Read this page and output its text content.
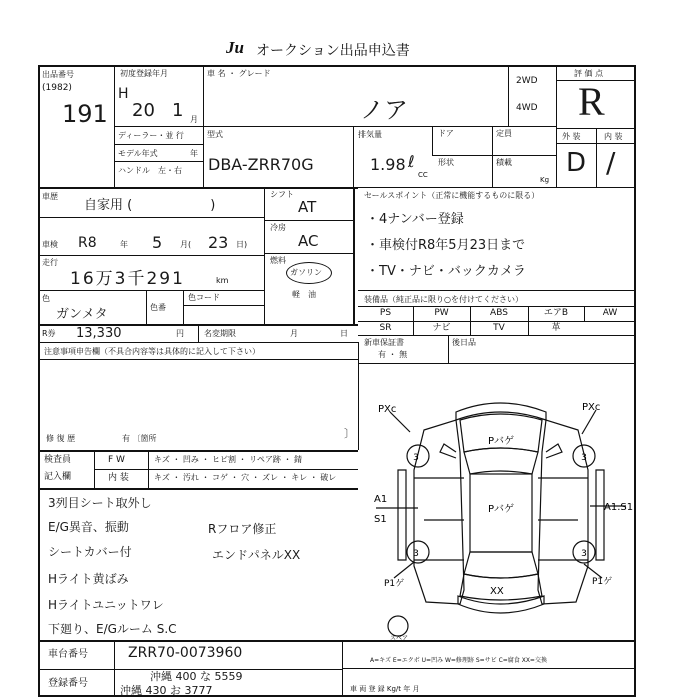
Ju オークション出品申込書
出品番号
(1982)
191
初度登録年月
H
20 1 月
ディーラー・並 行
モデル年式	年
ハンドル　左・右
車 名 ・ グレード
ノア
2WD
4WD
型式
DBA-ZRR70G
排気量
1.98 ℓ
CC
ドア	定員
形状	積載
Kg
評 価 点
R
外 装	内 装
D /
車歴
自家用 (　　　　　　)
車検 R8	年 5 月( 23 日)
走行
16万3千291	km
色
ガンメタ	色番
色コード
R券 13,330	円	名変期限	月	日
シフト
AT
冷房
AC
燃料
ガソリン
軽　油
セールスポイント（正常に機能するものに限る）
・4ナンバー登録
・車検付R8年5月23日まで
・TV・ナビ・バックカメラ
装備品（純正品に限り○を付けてください）
PS	PW	ABS	エアB	AW
SR	ナビ	TV	革
新車保証書
有 ・ 無
後日品
注意事項申告欄（不具合内容等は具体的に記入して下さい）
修 復 歴	有 〔箇所	〕
検査員
記入欄
F W	キズ ・ 凹み ・ ヒビ割 ・ リペア跡 ・ 錆
内 装	キズ ・ 汚れ ・ コゲ ・ 穴 ・ ズレ ・ キレ ・ 破レ
3列目シート取外し
E/G異音、振動
シートカバー付
Hライト黄ばみ
Hライトユニットワレ
下廻り、E/Gルーム S.C
Rフロア修正
エンドパネルXX
3	3
3	3
PXc	PXc
Pバゲ
Pバゲ
A1
S1
A1.S1
XX
P1ゲ	P1ゲ
スペア
車台番号	ZRR70-0073960
登録番号
沖縄 400 な 5559
沖縄 430 お 3777
A=キズ E=エクボ U=凹み W=修理跡 S=サビ C=腐食 XX=交換
車 両 登 録 Kg/t 年 月
